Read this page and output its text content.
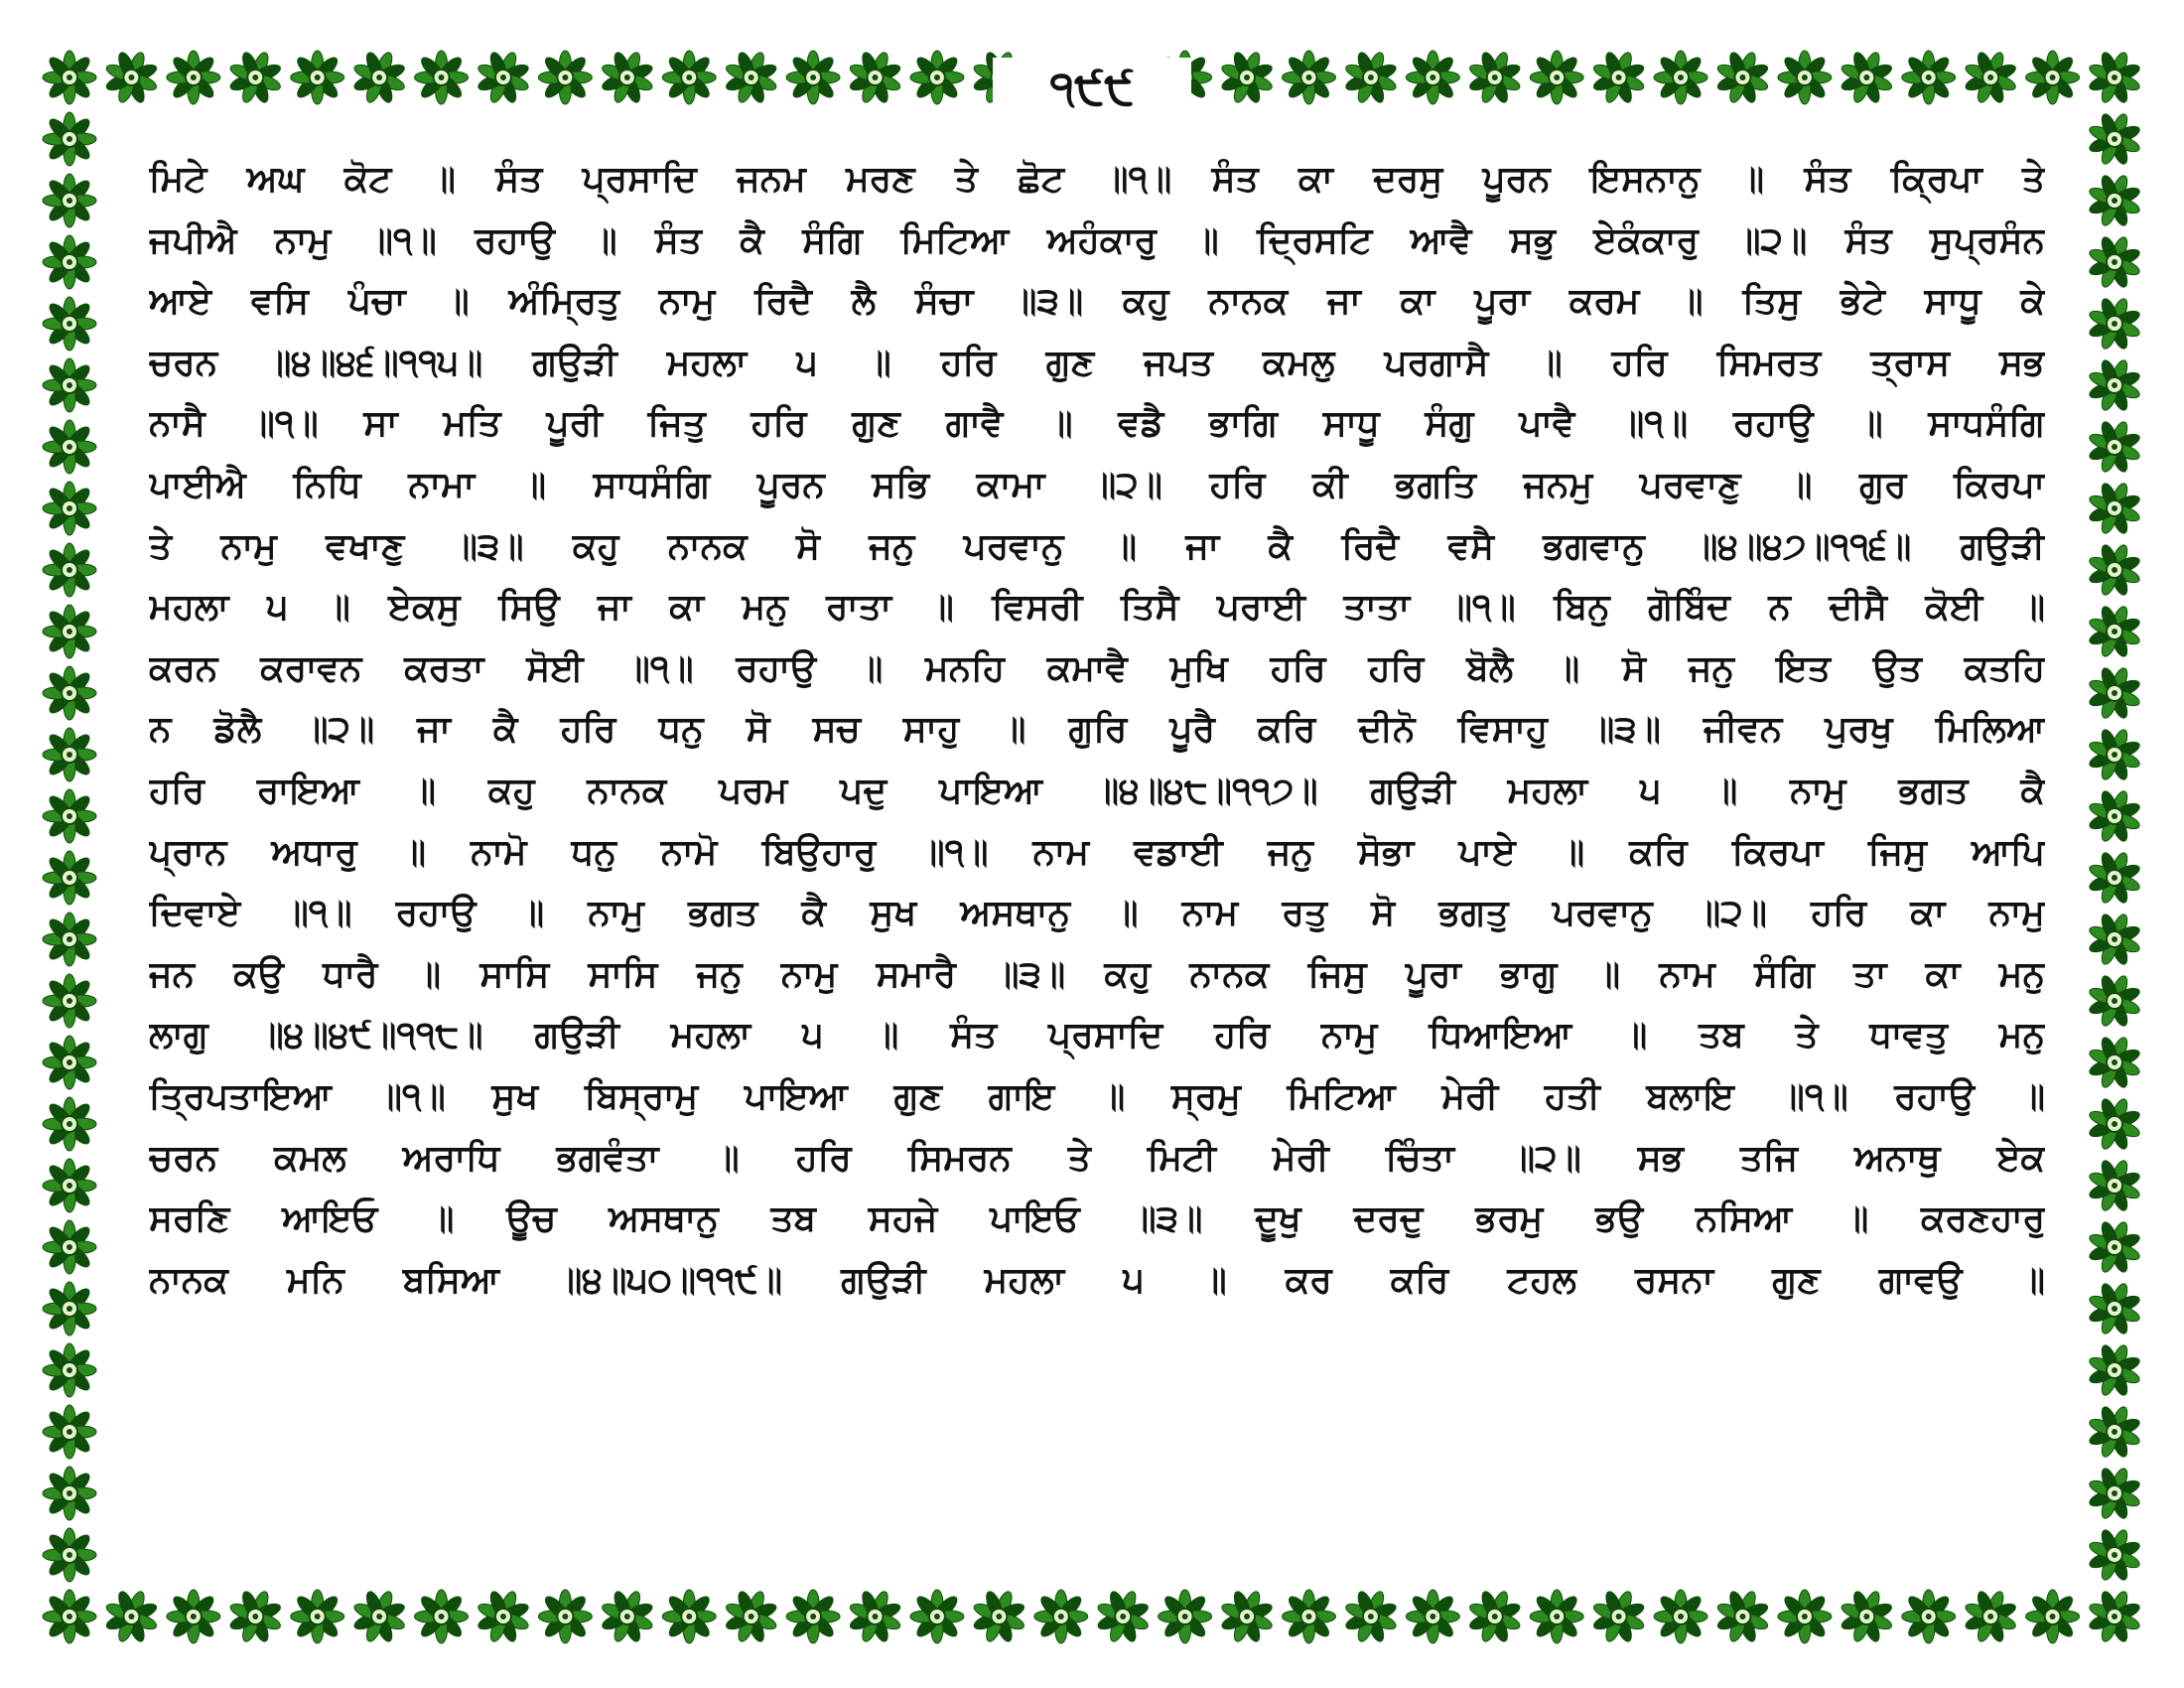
੧੯੯
ਮਿਟੇ ਅਘ ਕੋਟ ॥ ਸੰਤ ਪ੍ਰਸਾਦਿ ਜਨਮ ਮਰਣ ਤੇ ਛੋਟ ॥੧॥ ਸੰਤ ਕਾ ਦਰਸੁ ਪੂਰਨ ਇਸਨਾਨੁ ॥ ਸੰਤ ਕ੍ਰਿਪਾ ਤੇ
ਜਪੀਐ ਨਾਮੁ ॥੧॥ ਰਹਾਉ ॥ ਸੰਤ ਕੈ ਸੰਗਿ ਮਿਟਿਆ ਅਹੰਕਾਰੁ ॥ ਦ੍ਰਿਸਟਿ ਆਵੈ ਸਭੁ ਏਕੰਕਾਰੁ ॥੨॥ ਸੰਤ ਸੁਪ੍ਰਸੰਨ
ਆਏ ਵਸਿ ਪੰਚਾ ॥ ਅੰਮ੍ਰਿਤੁ ਨਾਮੁ ਰਿਦੈ ਲੈ ਸੰਚਾ ॥੩॥ ਕਹੁ ਨਾਨਕ ਜਾ ਕਾ ਪੂਰਾ ਕਰਮ ॥ ਤਿਸੁ ਭੇਟੇ ਸਾਧੂ ਕੇ
ਚਰਨ ॥੪॥੪੬॥੧੧੫॥ ਗਉੜੀ ਮਹਲਾ ੫ ॥ ਹਰਿ ਗੁਣ ਜਪਤ ਕਮਲੁ ਪਰਗਾਸੈ ॥ ਹਰਿ ਸਿਮਰਤ ਤ੍ਰਾਸ ਸਭ
ਨਾਸੈ ॥੧॥ ਸਾ ਮਤਿ ਪੂਰੀ ਜਿਤੁ ਹਰਿ ਗੁਣ ਗਾਵੈ ॥ ਵਡੈ ਭਾਗਿ ਸਾਧੂ ਸੰਗੁ ਪਾਵੈ ॥੧॥ ਰਹਾਉ ॥ ਸਾਧਸੰਗਿ
ਪਾਈਐ ਨਿਧਿ ਨਾਮਾ ॥ ਸਾਧਸੰਗਿ ਪੂਰਨ ਸਭਿ ਕਾਮਾ ॥੨॥ ਹਰਿ ਕੀ ਭਗਤਿ ਜਨਮੁ ਪਰਵਾਣੁ ॥ ਗੁਰ ਕਿਰਪਾ
ਤੇ ਨਾਮੁ ਵਖਾਣੁ ॥੩॥ ਕਹੁ ਨਾਨਕ ਸੋ ਜਨੁ ਪਰਵਾਨੁ ॥ ਜਾ ਕੈ ਰਿਦੈ ਵਸੈ ਭਗਵਾਨੁ ॥੪॥੪੭॥੧੧੬॥ ਗਉੜੀ
ਮਹਲਾ ੫ ॥ ਏਕਸੁ ਸਿਉ ਜਾ ਕਾ ਮਨੁ ਰਾਤਾ ॥ ਵਿਸਰੀ ਤਿਸੈ ਪਰਾਈ ਤਾਤਾ ॥੧॥ ਬਿਨੁ ਗੋਬਿੰਦ ਨ ਦੀਸੈ ਕੋਈ ॥
ਕਰਨ ਕਰਾਵਨ ਕਰਤਾ ਸੋਈ ॥੧॥ ਰਹਾਉ ॥ ਮਨਹਿ ਕਮਾਵੈ ਮੁਖਿ ਹਰਿ ਹਰਿ ਬੋਲੈ ॥ ਸੋ ਜਨੁ ਇਤ ਉਤ ਕਤਹਿ
ਨ ਡੋਲੈ ॥੨॥ ਜਾ ਕੈ ਹਰਿ ਧਨੁ ਸੋ ਸਚ ਸਾਹੁ ॥ ਗੁਰਿ ਪੂਰੈ ਕਰਿ ਦੀਨੋ ਵਿਸਾਹੁ ॥੩॥ ਜੀਵਨ ਪੁਰਖੁ ਮਿਲਿਆ
ਹਰਿ ਰਾਇਆ ॥ ਕਹੁ ਨਾਨਕ ਪਰਮ ਪਦੁ ਪਾਇਆ ॥੪॥੪੮॥੧੧੭॥ ਗਉੜੀ ਮਹਲਾ ੫ ॥ ਨਾਮੁ ਭਗਤ ਕੈ
ਪ੍ਰਾਨ ਅਧਾਰੁ ॥ ਨਾਮੋ ਧਨੁ ਨਾਮੋ ਬਿਉਹਾਰੁ ॥੧॥ ਨਾਮ ਵਡਾਈ ਜਨੁ ਸੋਭਾ ਪਾਏ ॥ ਕਰਿ ਕਿਰਪਾ ਜਿਸੁ ਆਪਿ
ਦਿਵਾਏ ॥੧॥ ਰਹਾਉ ॥ ਨਾਮੁ ਭਗਤ ਕੈ ਸੁਖ ਅਸਥਾਨੁ ॥ ਨਾਮ ਰਤੁ ਸੋ ਭਗਤੁ ਪਰਵਾਨੁ ॥੨॥ ਹਰਿ ਕਾ ਨਾਮੁ
ਜਨ ਕਉ ਧਾਰੈ ॥ ਸਾਸਿ ਸਾਸਿ ਜਨੁ ਨਾਮੁ ਸਮਾਰੈ ॥੩॥ ਕਹੁ ਨਾਨਕ ਜਿਸੁ ਪੂਰਾ ਭਾਗੁ ॥ ਨਾਮ ਸੰਗਿ ਤਾ ਕਾ ਮਨੁ
ਲਾਗੁ ॥੪॥੪੯॥੧੧੮॥ ਗਉੜੀ ਮਹਲਾ ੫ ॥ ਸੰਤ ਪ੍ਰਸਾਦਿ ਹਰਿ ਨਾਮੁ ਧਿਆਇਆ ॥ ਤਬ ਤੇ ਧਾਵਤੁ ਮਨੁ
ਤ੍ਰਿਪਤਾਇਆ ॥੧॥ ਸੁਖ ਬਿਸ੍ਰਾਮੁ ਪਾਇਆ ਗੁਣ ਗਾਇ ॥ ਸ੍ਰਮੁ ਮਿਟਿਆ ਮੇਰੀ ਹਤੀ ਬਲਾਇ ॥੧॥ ਰਹਾਉ ॥
ਚਰਨ ਕਮਲ ਅਰਾਧਿ ਭਗਵੰਤਾ ॥ ਹਰਿ ਸਿਮਰਨ ਤੇ ਮਿਟੀ ਮੇਰੀ ਚਿੰਤਾ ॥੨॥ ਸਭ ਤਜਿ ਅਨਾਥੁ ਏਕ
ਸਰਣਿ ਆਇਓ ॥ ਊਚ ਅਸਥਾਨੁ ਤਬ ਸਹਜੇ ਪਾਇਓ ॥੩॥ ਦੂਖੁ ਦਰਦੁ ਭਰਮੁ ਭਉ ਨਸਿਆ ॥ ਕਰਣਹਾਰੁ
ਨਾਨਕ ਮਨਿ ਬਸਿਆ ॥੪॥੫੦॥੧੧੯॥ ਗਉੜੀ ਮਹਲਾ ੫ ॥ ਕਰ ਕਰਿ ਟਹਲ ਰਸਨਾ ਗੁਣ ਗਾਵਉ ॥
